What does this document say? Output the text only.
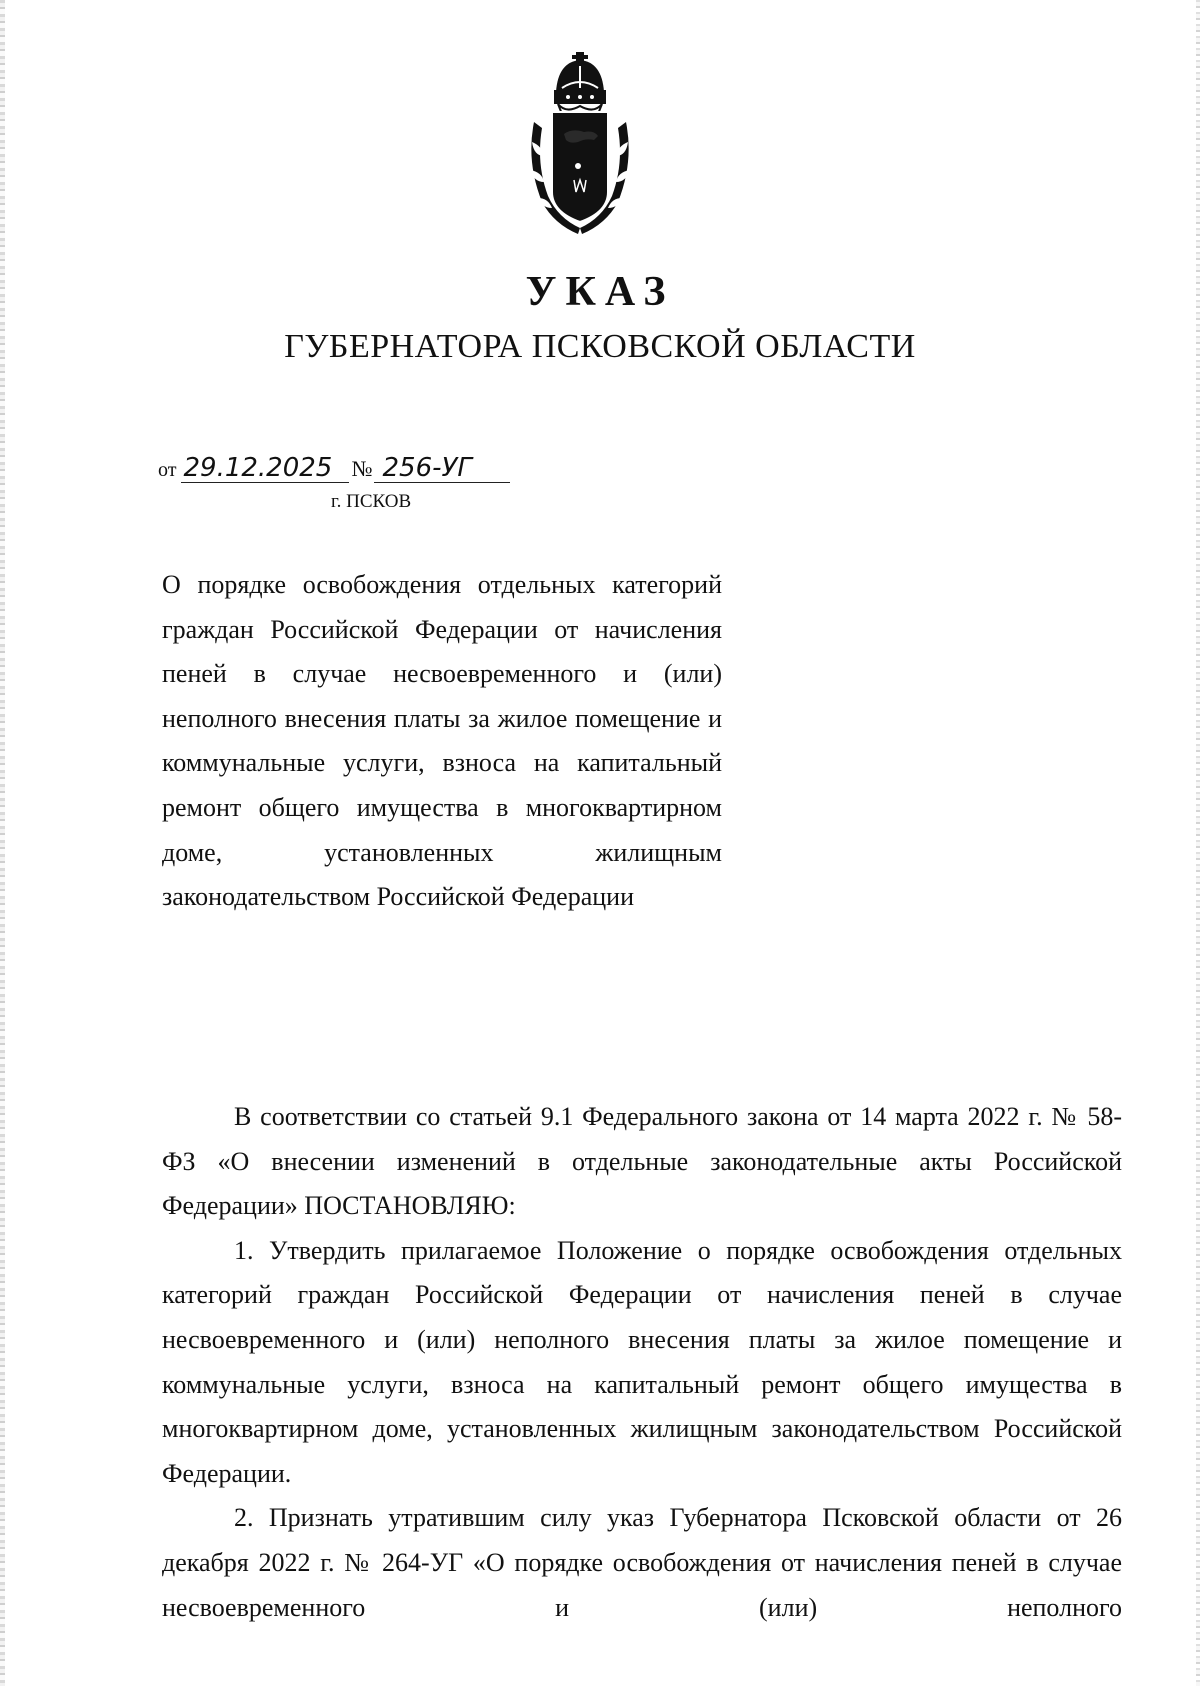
УКАЗ
ГУБЕРНАТОРА ПСКОВСКОЙ ОБЛАСТИ
от 29.12.2025 № 256-УГ
г. ПСКОВ
О порядке освобождения отдельных категорий граждан Российской Федерации от начисления пеней в случае несвоевременного и (или) неполного внесения платы за жилое помещение и коммунальные услуги, взноса на капитальный ремонт общего имущества в многоквартирном доме, установленных жилищным законодательством Российской Федерации

В соответствии со статьей 9.1 Федерального закона от 14 марта 2022 г. № 58-ФЗ «О внесении изменений в отдельные законодательные акты Российской Федерации» ПОСТАНОВЛЯЮ:

1. Утвердить прилагаемое Положение о порядке освобождения отдельных категорий граждан Российской Федерации от начисления пеней в случае несвоевременного и (или) неполного внесения платы за жилое помещение и коммунальные услуги, взноса на капитальный ремонт общего имущества в многоквартирном доме, установленных жилищным законодательством Российской Федерации.

2. Признать утратившим силу указ Губернатора Псковской области от 26 декабря 2022 г. № 264-УГ «О порядке освобождения от начисления пеней в случае несвоевременного и (или) неполного
